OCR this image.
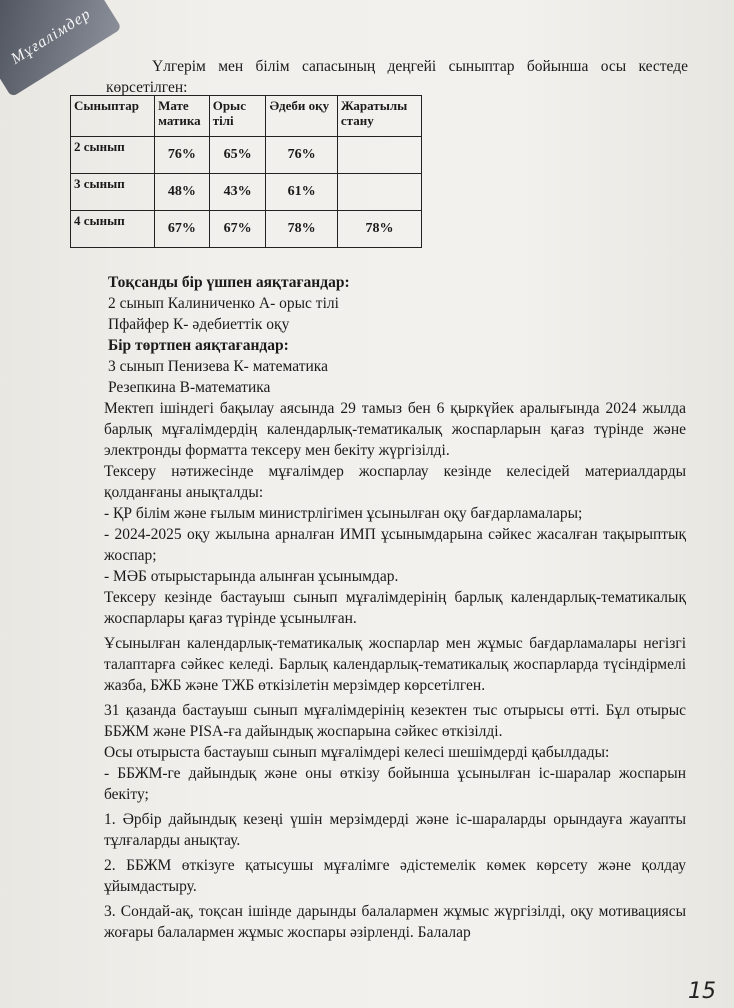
Мұғалімдер	Үлгерім мен білім сапасының деңгейі сыныптар бойынша осы кестеде көрсетілген:

Сыныптар	Мате матика	Орыс тілі	Әдеби оқу	Жаратылы стану
2 сынып	76%	65%	76%	
3 сынып	48%	43%	61%	
4 сынып	67%	67%	78%	78%

Тоқсанды бір үшпен аяқтағандар:

2 сынып Калиниченко А- орыс тілі

Пфайфер К- әдебиеттік оқу

Бір төртпен аяқтағандар:

3 сынып Пенизева К- математика

Резепкина В-математика

Мектеп ішіндегі бақылау аясында 29 тамыз бен 6 қыркүйек аралығында 2024 жылда барлық мұғалімдердің календарлық-тематикалық жоспарларын қағаз түрінде және электронды форматта тексеру мен бекіту жүргізілді.

Тексеру нәтижесінде мұғалімдер жоспарлау кезінде келесідей материалдарды қолданғаны анықталды:

- ҚР білім және ғылым министрлігімен ұсынылған оқу бағдарламалары;

- 2024-2025 оқу жылына арналған ИМП ұсынымдарына сәйкес жасалған тақырыптық жоспар;

- МӘБ отырыстарында алынған ұсынымдар.

Тексеру кезінде бастауыш сынып мұғалімдерінің барлық календарлық-тематикалық жоспарлары қағаз түрінде ұсынылған.

Ұсынылған календарлық-тематикалық жоспарлар мен жұмыс бағдарламалары негізгі талаптарға сәйкес келеді. Барлық календарлық-тематикалық жоспарларда түсіндірмелі жазба, БЖБ және ТЖБ өткізілетін мерзімдер көрсетілген.

31 қазанда бастауыш сынып мұғалімдерінің кезектен тыс отырысы өтті. Бұл отырыс ББЖМ және PISA-ға дайындық жоспарына сәйкес өткізілді.

Осы отырыста бастауыш сынып мұғалімдері келесі шешімдерді қабылдады:

- ББЖМ-ге дайындық және оны өткізу бойынша ұсынылған іс-шаралар жоспарын бекіту;

1. Әрбір дайындық кезеңі үшін мерзімдерді және іс-шараларды орындауға жауапты тұлғаларды анықтау.

2. ББЖМ өткізуге қатысушы мұғалімге әдістемелік көмек көрсету және қолдау ұйымдастыру.

3. Сондай-ақ, тоқсан ішінде дарынды балалармен жұмыс жүргізілді, оқу мотивациясы жоғары балалармен жұмыс жоспары әзірленді. Балалар

15
